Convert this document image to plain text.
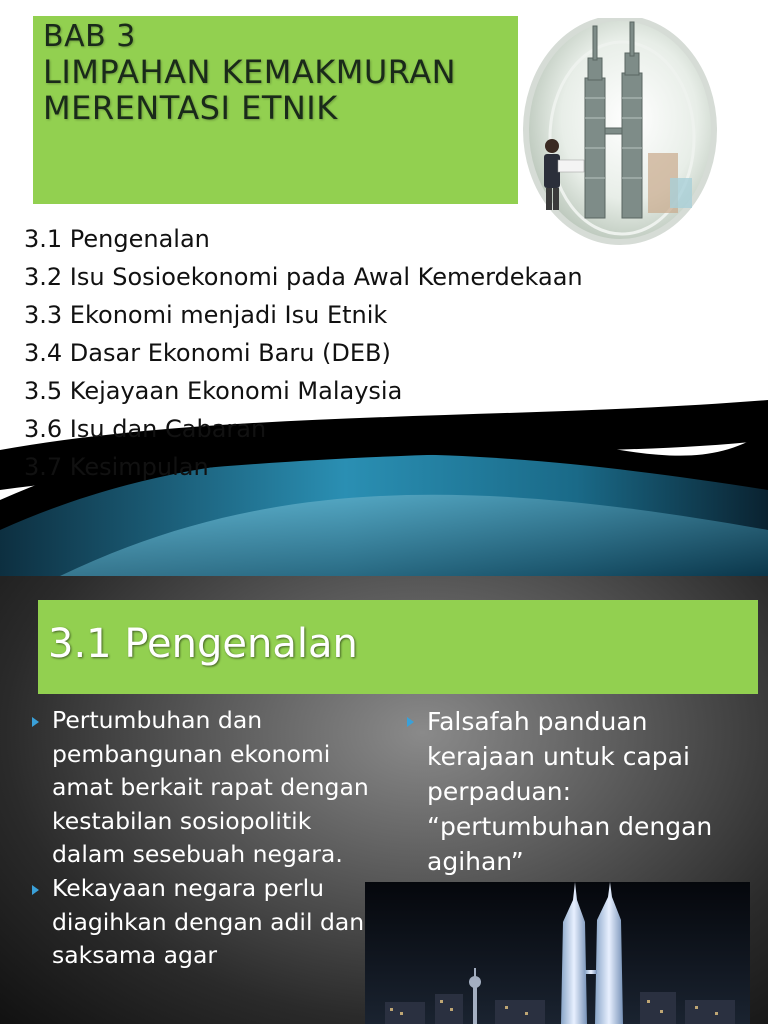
BAB 3
LIMPAHAN KEMAKMURAN
MERENTASI ETNIK
3.1 Pengenalan
3.2 Isu Sosioekonomi pada Awal Kemerdekaan
3.3 Ekonomi menjadi Isu Etnik
3.4 Dasar Ekonomi Baru (DEB)
3.5 Kejayaan Ekonomi Malaysia
3.6 Isu dan Cabaran
3.7 Kesimpulan
3.1 Pengenalan
Pertumbuhan dan pembangunan ekonomi amat berkait rapat dengan kestabilan sosiopolitik dalam sesebuah negara.
Kekayaan negara perlu diagihkan dengan adil dan saksama agar
Falsafah panduan kerajaan untuk capai perpaduan: “pertumbuhan dengan agihan”
